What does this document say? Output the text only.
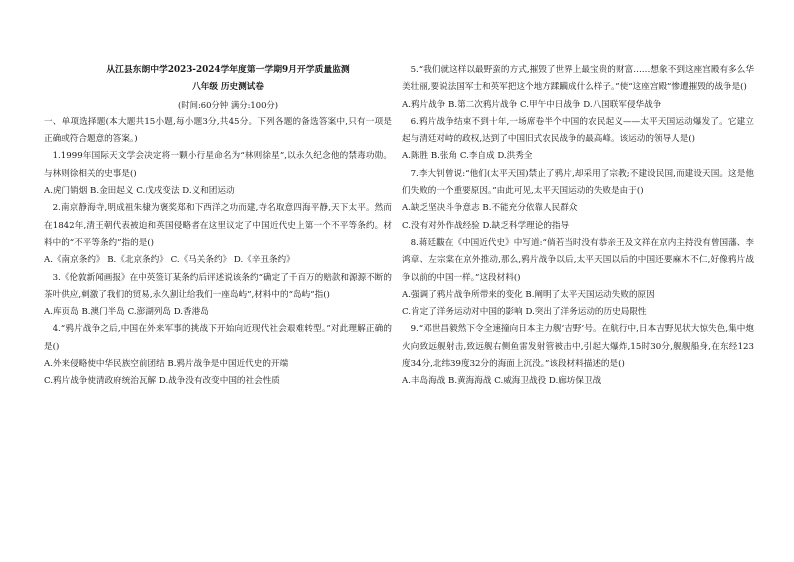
从江县东朗中学2023-2024学年度第一学期9月开学质量监测
八年级 历史测试卷
(时间:60分钟 满分:100分)

一、单项选择题(本大题共15小题,每小题3分,共45分。下列各题的备选答案中,只有一项是正确或符合题意的答案。)

1.1999年国际天文学会决定将一颗小行星命名为“林则徐星”,以永久纪念他的禁毒功勋。与林则徐相关的史事是()

A.虎门销烟 B.金田起义 C.戊戌变法 D.义和团运动

2.南京静海寺,明成祖朱棣为褒奖郑和下西洋之功而建,寺名取意四海平静,天下太平。然而在1842年,清王朝代表被迫和英国侵略者在这里议定了中国近代史上第一个不平等条约。材料中的“不平等条约”指的是()

A.《南京条约》 B.《北京条约》 C.《马关条约》 D.《辛丑条约》

3.《伦敦新闻画报》在中英签订某条约后评述说该条约“确定了千百万的赔款和源源不断的茶叶供应,刺激了我们的贸易,永久割让给我们一座岛屿”,材料中的“岛屿”指()

A.库页岛 B.澳门半岛 C.澎湖列岛 D.香港岛

4.“鸦片战争之后,中国在外来军事的挑战下开始向近现代社会艰难转型。”对此理解正确的是()

A.外来侵略使中华民族空前团结 B.鸦片战争是中国近代史的开端

C.鸦片战争使清政府统治瓦解 D.战争没有改变中国的社会性质

5.“我们就这样以最野蛮的方式,摧毁了世界上最宝贵的财富……想象不到这座宫殿有多么华美壮丽,要说法国军士和英军把这个地方蹂躏成什么样子。”使“这座宫殿”惨遭摧毁的战争是()

A.鸦片战争 B.第二次鸦片战争 C.甲午中日战争 D.八国联军侵华战争

6.鸦片战争结束不到十年,一场席卷半个中国的农民起义——太平天国运动爆发了。它建立起与清廷对峙的政权,达到了中国旧式农民战争的最高峰。该运动的领导人是()

A.陈胜 B.张角 C.李自成 D.洪秀全

7.李大钊曾说:“他们(太平天国)禁止了鸦片,却采用了宗教;不建设民国,而建设天国。这是他们失败的一个重要原因。”由此可见,太平天国运动的失败是由于()

A.缺乏坚决斗争意志 B.不能充分依靠人民群众

C.没有对外作战经验 D.缺乏科学理论的指导

8.蒋廷黻在《中国近代史》中写道:“倘若当时没有恭亲王及文祥在京内主持没有曾国藩、李鸿章、左宗棠在京外推动,那么,鸦片战争以后,太平天国以后的中国还要麻木不仁,好像鸦片战争以前的中国一样。”这段材料()

A.强调了鸦片战争所带来的变化 B.阐明了太平天国运动失败的原因

C.肯定了洋务运动对中国的影响 D.突出了洋务运动的历史局限性

9.“邓世昌毅然下令全速撞向日本主力舰‘吉野’号。在航行中,日本吉野见状大惊失色,集中炮火向致远舰射击,致远舰右侧鱼雷发射管被击中,引起大爆炸,15时30分,舰舰船身,在东经123度34分,北纬39度32分的海面上沉没。”该段材料描述的是()

A.丰岛海战 B.黄海海战 C.威海卫战役 D.廊坊保卫战
